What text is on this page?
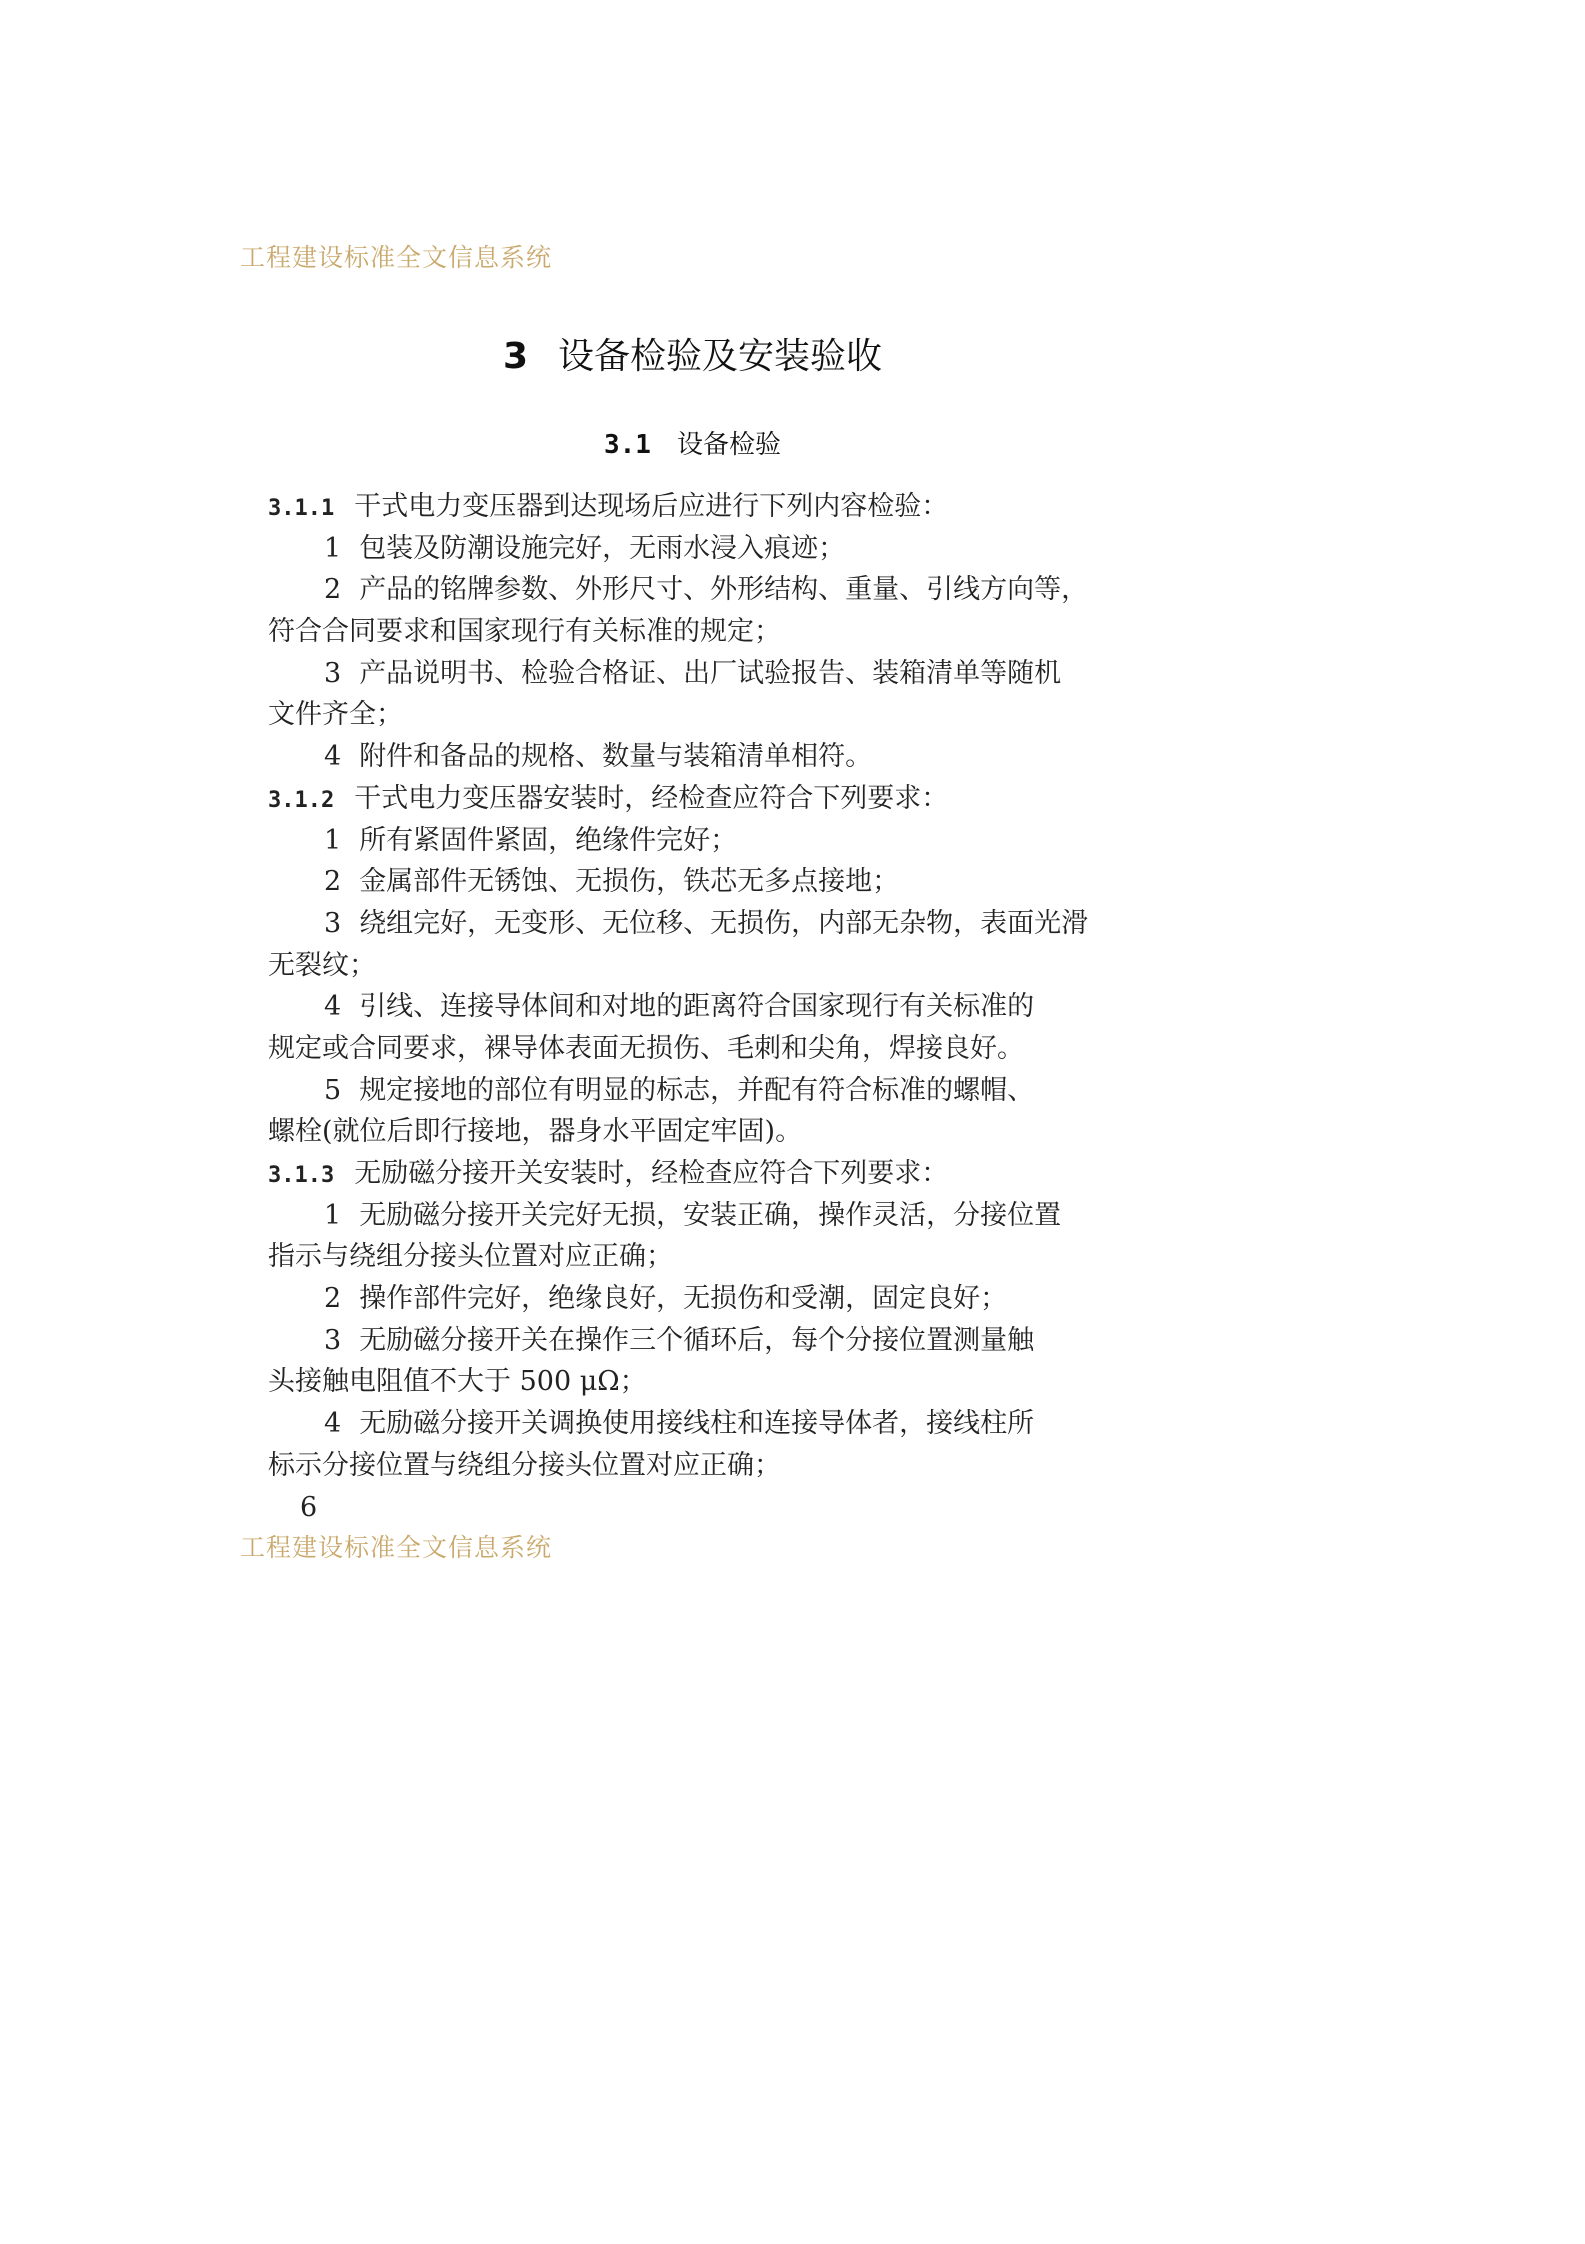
工程建设标准全文信息系统
3 设备检验及安装验收
3.1 设备检验
3.1.1 干式电力变压器到达现场后应进行下列内容检验：
1 包装及防潮设施完好，无雨水浸入痕迹；
2 产品的铭牌参数、外形尺寸、外形结构、重量、引线方向等，
符合合同要求和国家现行有关标准的规定；
3 产品说明书、检验合格证、出厂试验报告、装箱清单等随机
文件齐全；
4 附件和备品的规格、数量与装箱清单相符。
3.1.2 干式电力变压器安装时，经检查应符合下列要求：
1 所有紧固件紧固，绝缘件完好；
2 金属部件无锈蚀、无损伤，铁芯无多点接地；
3 绕组完好，无变形、无位移、无损伤，内部无杂物，表面光滑
无裂纹；
4 引线、连接导体间和对地的距离符合国家现行有关标准的
规定或合同要求，裸导体表面无损伤、毛刺和尖角，焊接良好。
5 规定接地的部位有明显的标志，并配有符合标准的螺帽、
螺栓(就位后即行接地，器身水平固定牢固)。
3.1.3 无励磁分接开关安装时，经检查应符合下列要求：
1 无励磁分接开关完好无损，安装正确，操作灵活，分接位置
指示与绕组分接头位置对应正确；
2 操作部件完好，绝缘良好，无损伤和受潮，固定良好；
3 无励磁分接开关在操作三个循环后，每个分接位置测量触
头接触电阻值不大于 500 μΩ；
4 无励磁分接开关调换使用接线柱和连接导体者，接线柱所
标示分接位置与绕组分接头位置对应正确；
6
工程建设标准全文信息系统
